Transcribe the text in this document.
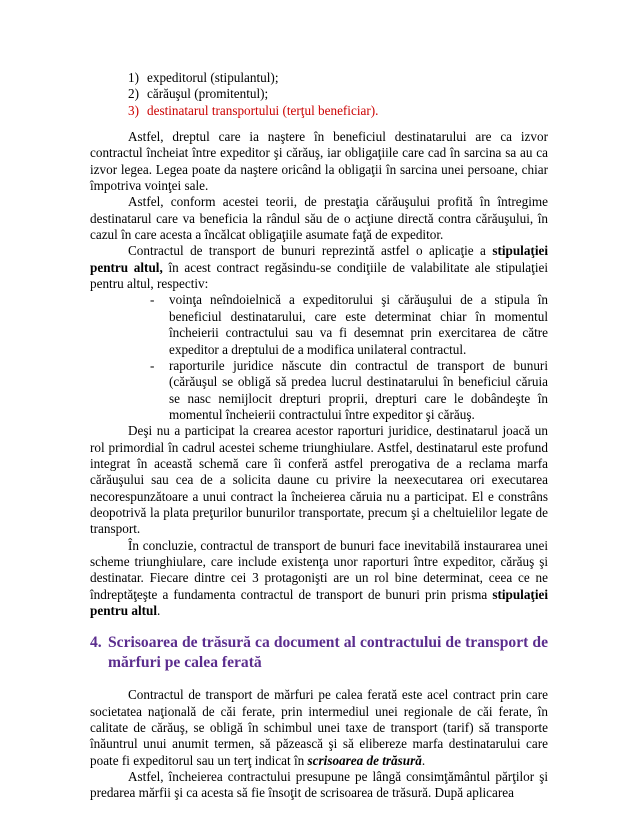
1) expeditorul (stipulantul);
2) cărăuşul (promitentul);
3) destinatarul transportului (terţul beneficiar).

Astfel, dreptul care ia naştere în beneficiul destinatarului are ca izvor contractul încheiat între expeditor şi cărăuş, iar obligaţiile care cad în sarcina sa au ca izvor legea. Legea poate da naştere oricând la obligaţii în sarcina unei persoane, chiar împotriva voinţei sale.

Astfel, conform acestei teorii, de prestaţia cărăuşului profită în întregime destinatarul care va beneficia la rândul său de o acţiune directă contra cărăuşului, în cazul în care acesta a încălcat obligaţiile asumate faţă de expeditor.

Contractul de transport de bunuri reprezintă astfel o aplicaţie a stipulaţiei pentru altul, în acest contract regăsindu-se condiţiile de valabilitate ale stipulaţiei pentru altul, respectiv:

- voinţa neîndoielnică a expeditorului şi cărăuşului de a stipula în beneficiul destinatarului, care este determinat chiar în momentul încheierii contractului sau va fi desemnat prin exercitarea de către expeditor a dreptului de a modifica unilateral contractul.
- raporturile juridice născute din contractul de transport de bunuri (cărăuşul se obligă să predea lucrul destinatarului în beneficiul căruia se nasc nemijlocit drepturi proprii, drepturi care le dobândeşte în momentul încheierii contractului între expeditor şi cărăuş.

Deşi nu a participat la crearea acestor raporturi juridice, destinatarul joacă un rol primordial în cadrul acestei scheme triunghiulare. Astfel, destinatarul este profund integrat în această schemă care îi conferă astfel prerogativa de a reclama marfa cărăuşului sau cea de a solicita daune cu privire la neexecutarea ori executarea necorespunzătoare a unui contract la încheierea căruia nu a participat. El e constrâns deopotrivă la plata preţurilor bunurilor transportate, precum şi a cheltuielilor legate de transport.

În concluzie, contractul de transport de bunuri face inevitabilă instaurarea unei scheme triunghiulare, care include existenţa unor raporturi între expeditor, cărăuş şi destinatar. Fiecare dintre cei 3 protagonişti are un rol bine determinat, ceea ce ne îndreptăţeşte a fundamenta contractul de transport de bunuri prin prisma stipulaţiei pentru altul.

4. Scrisoarea de trăsură ca document al contractului de transport de mărfuri pe calea ferată

Contractul de transport de mărfuri pe calea ferată este acel contract prin care societatea naţională de căi ferate, prin intermediul unei regionale de căi ferate, în calitate de cărăuş, se obligă în schimbul unei taxe de transport (tarif) să transporte înăuntrul unui anumit termen, să păzească şi să elibereze marfa destinatarului care poate fi expeditorul sau un terţ indicat în scrisoarea de trăsură.

Astfel, încheierea contractului presupune pe lângă consimţământul părţilor şi predarea mărfii şi ca acesta să fie însoţit de scrisoarea de trăsură. După aplicarea
